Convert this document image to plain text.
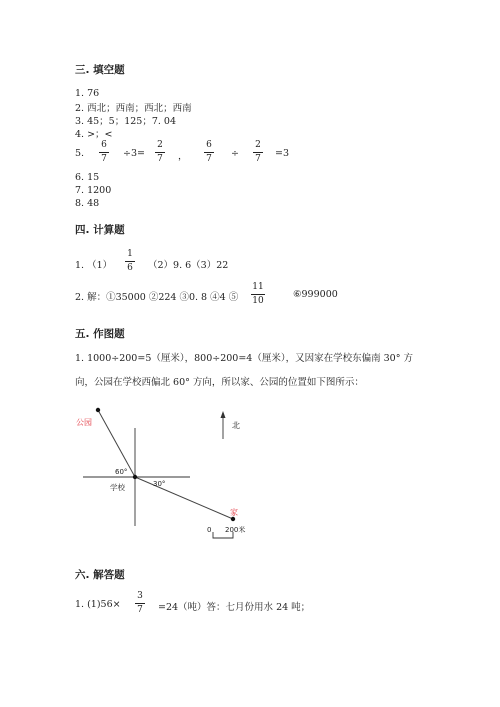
三. 填空题
1. 76
2. 西北；西南；西北；西南
3. 45；5；125；7. 04
4. >；<
5.
6
7	÷3=
2
7	，
6
7	÷
2
7	=3
6. 15
7. 1200
8. 48
四. 计算题
1. （1）
1
6	（2）9. 6（3）22
2. 解：①35000 ②224 ③0. 8 ④4 ⑤
11
10
⑥999000
五. 作图题
1. 1000÷200=5（厘米），800÷200=4（厘米），又因家在学校东偏南 30° 方
向，公园在学校西偏北 60° 方向，所以家、公园的位置如下图所示：
公园
家
学校
60°
30°
北
0 200米
六. 解答题
1. (1)56×
3
7	=24（吨）答：七月份用水 24 吨；
